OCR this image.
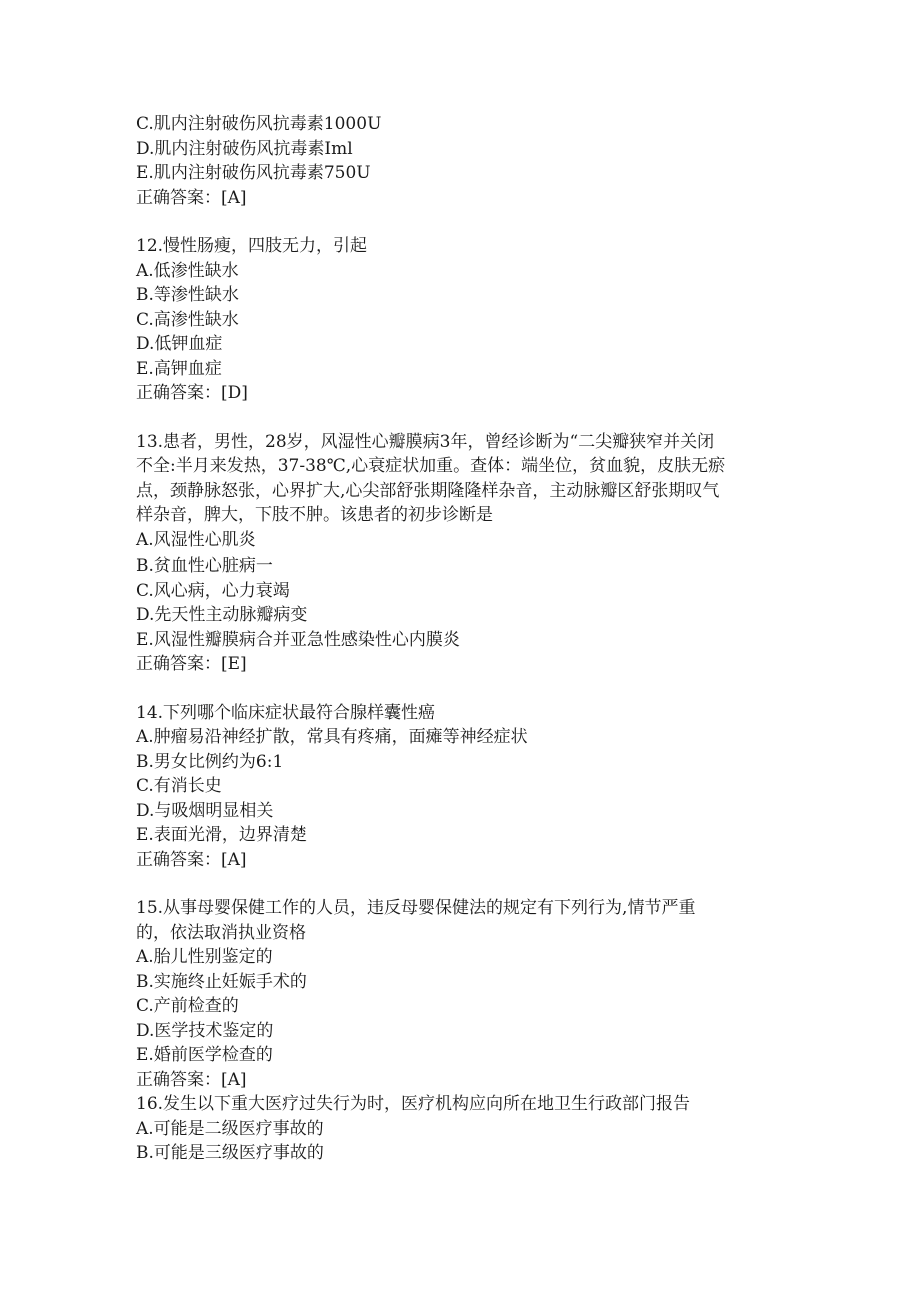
C.肌内注射破伤风抗毒素1000U

D.肌内注射破伤风抗毒素Iml

E.肌内注射破伤风抗毒素750U

正确答案：[A]

12.慢性肠瘦，四肢无力，引起

A.低渗性缺水

B.等渗性缺水

C.高渗性缺水

D.低钾血症

E.高钾血症

正确答案：[D]

13.患者，男性，28岁，风湿性心瓣膜病3年，曾经诊断为“二尖瓣狭窄并关闭

不全:半月来发热，37-38℃,心衰症状加重。查体：端坐位，贫血貌，皮肤无瘀

点，颈静脉怒张，心界扩大,心尖部舒张期隆隆样杂音，主动脉瓣区舒张期叹气

样杂音，脾大，下肢不肿。该患者的初步诊断是

A.风湿性心肌炎

B.贫血性心脏病一

C.风心病，心力衰竭

D.先天性主动脉瓣病变

E.风湿性瓣膜病合并亚急性感染性心内膜炎

正确答案：[E]

14.下列哪个临床症状最符合腺样囊性癌

A.肿瘤易沿神经扩散，常具有疼痛，面瘫等神经症状

B.男女比例约为6:1

C.有消长史

D.与吸烟明显相关

E.表面光滑，边界清楚

正确答案：[A]

15.从事母婴保健工作的人员，违反母婴保健法的规定有下列行为,情节严重

的，依法取消执业资格

A.胎儿性别鉴定的

B.实施终止妊娠手术的

C.产前检查的

D.医学技术鉴定的

E.婚前医学检查的

正确答案：[A]

16.发生以下重大医疗过失行为时，医疗机构应向所在地卫生行政部门报告

A.可能是二级医疗事故的

B.可能是三级医疗事故的
